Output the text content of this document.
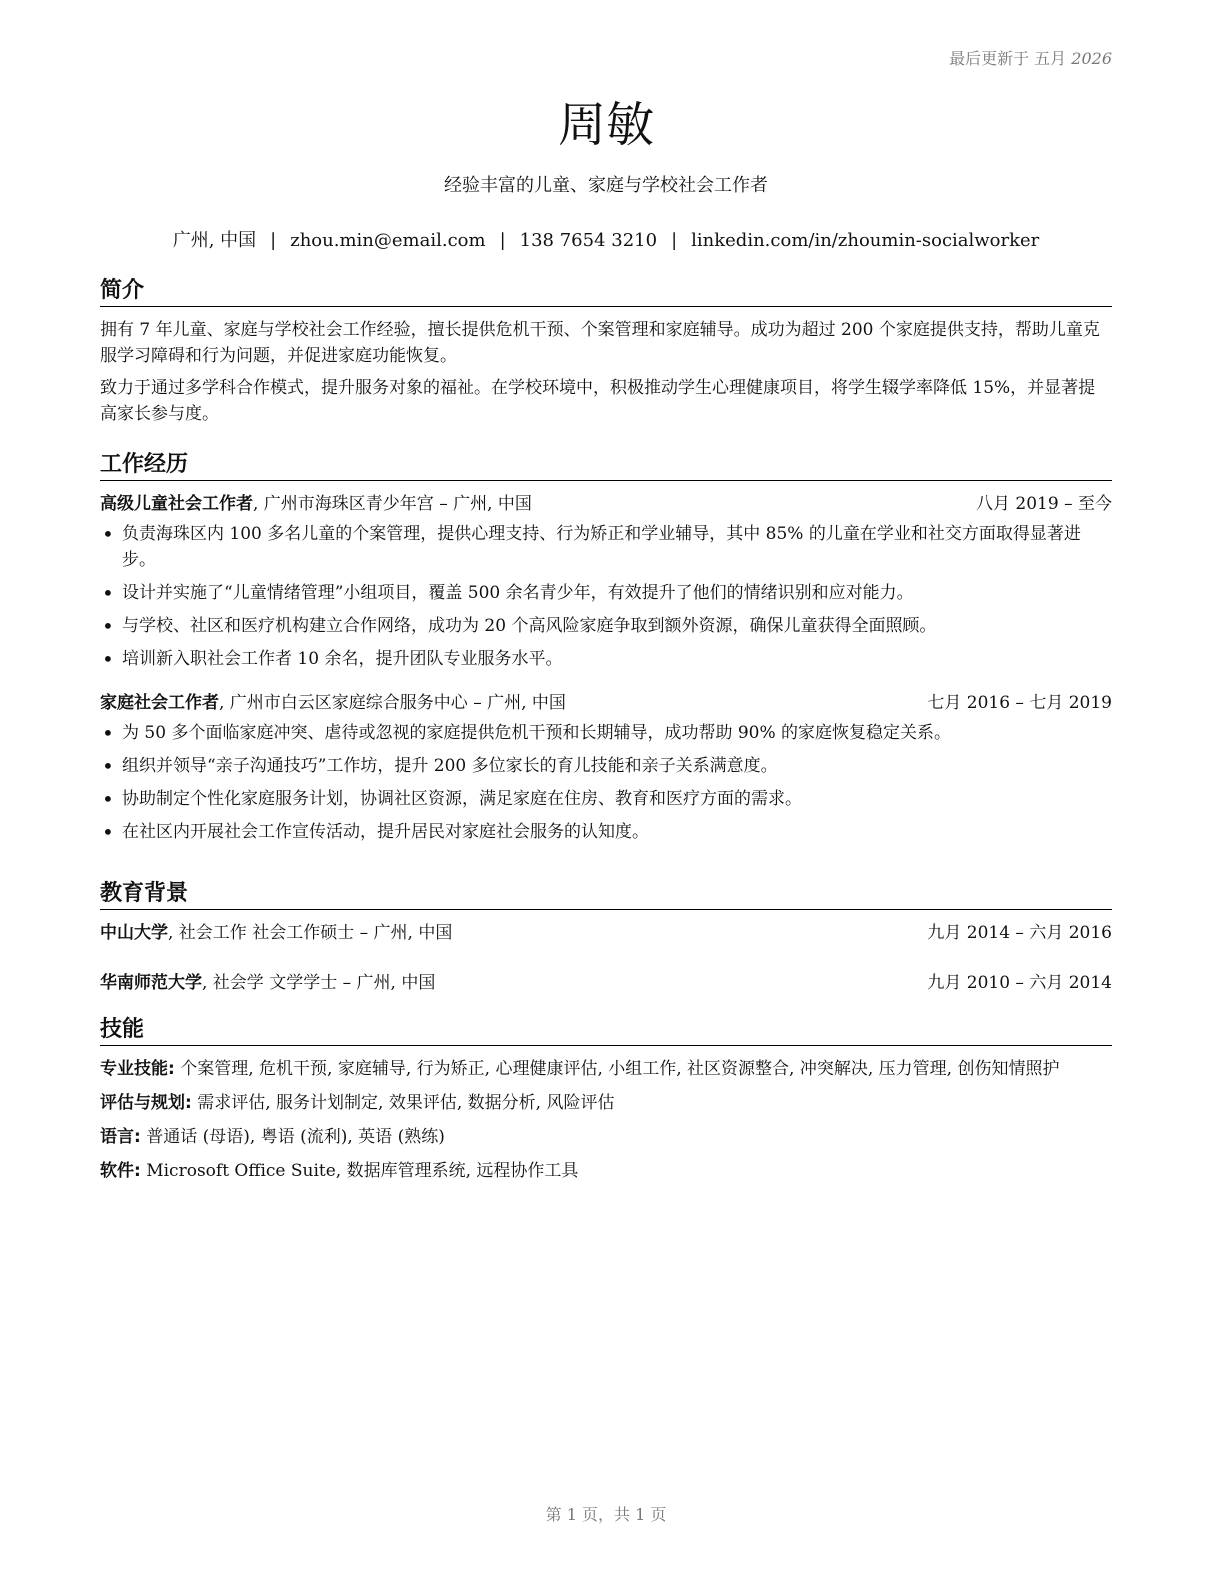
最后更新于 五月 2026
周敏
经验丰富的儿童、家庭与学校社会工作者
广州, 中国 | zhou.min@email.com | 138 7654 3210 | linkedin.com/in/zhoumin-socialworker
简介

拥有 7 年儿童、家庭与学校社会工作经验，擅长提供危机干预、个案管理和家庭辅导。成功为超过 200 个家庭提供支持，帮助儿童克服学习障碍和行为问题，并促进家庭功能恢复。

致力于通过多学科合作模式，提升服务对象的福祉。在学校环境中，积极推动学生心理健康项目，将学生辍学率降低 15%，并显著提高家长参与度。

工作经历
高级儿童社会工作者, 广州市海珠区青少年宫 – 广州, 中国	八月 2019 – 至今
• 负责海珠区内 100 多名儿童的个案管理，提供心理支持、行为矫正和学业辅导，其中 85% 的儿童在学业和社交方面取得显著进步。
• 设计并实施了“儿童情绪管理”小组项目，覆盖 500 余名青少年，有效提升了他们的情绪识别和应对能力。
• 与学校、社区和医疗机构建立合作网络，成功为 20 个高风险家庭争取到额外资源，确保儿童获得全面照顾。
• 培训新入职社会工作者 10 余名，提升团队专业服务水平。
家庭社会工作者, 广州市白云区家庭综合服务中心 – 广州, 中国	七月 2016 – 七月 2019
• 为 50 多个面临家庭冲突、虐待或忽视的家庭提供危机干预和长期辅导，成功帮助 90% 的家庭恢复稳定关系。
• 组织并领导“亲子沟通技巧”工作坊，提升 200 多位家长的育儿技能和亲子关系满意度。
• 协助制定个性化家庭服务计划，协调社区资源，满足家庭在住房、教育和医疗方面的需求。
• 在社区内开展社会工作宣传活动，提升居民对家庭社会服务的认知度。
教育背景
中山大学, 社会工作 社会工作硕士 – 广州, 中国	九月 2014 – 六月 2016
华南师范大学, 社会学 文学学士 – 广州, 中国	九月 2010 – 六月 2014
技能
专业技能: 个案管理, 危机干预, 家庭辅导, 行为矫正, 心理健康评估, 小组工作, 社区资源整合, 冲突解决, 压力管理, 创伤知情照护
评估与规划: 需求评估, 服务计划制定, 效果评估, 数据分析, 风险评估
语言: 普通话 (母语), 粤语 (流利), 英语 (熟练)
软件: Microsoft Office Suite, 数据库管理系统, 远程协作工具
第 1 页，共 1 页
